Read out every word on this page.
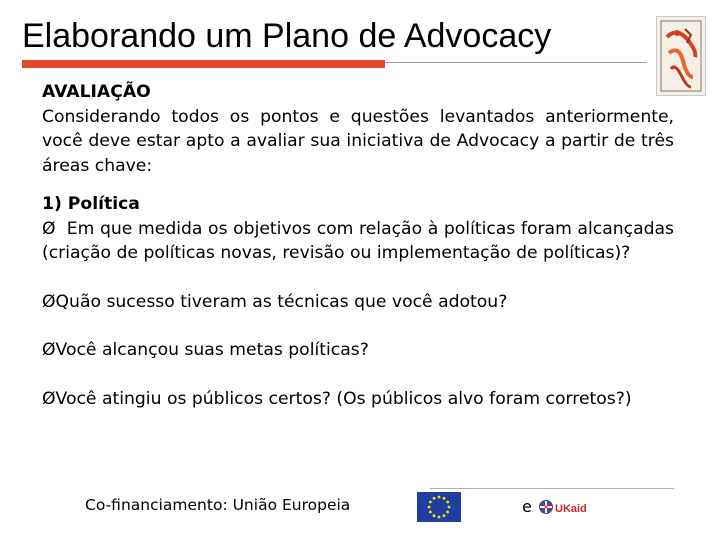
Elaborando um Plano de Advocacy

AVALIAÇÃO

Considerando todos os pontos e questões levantados anteriormente, você deve estar apto a avaliar sua iniciativa de Advocacy a partir de três áreas chave:

1) Política

Ø Em que medida os objetivos com relação à políticas foram alcançadas (criação de políticas novas, revisão ou implementação de políticas)?

ØQuão sucesso tiveram as técnicas que você adotou?

ØVocê alcançou suas metas políticas?

ØVocê atingiu os públicos certos? (Os públicos alvo foram corretos?)

Co-financiamento: União Europeia	e UKaid
